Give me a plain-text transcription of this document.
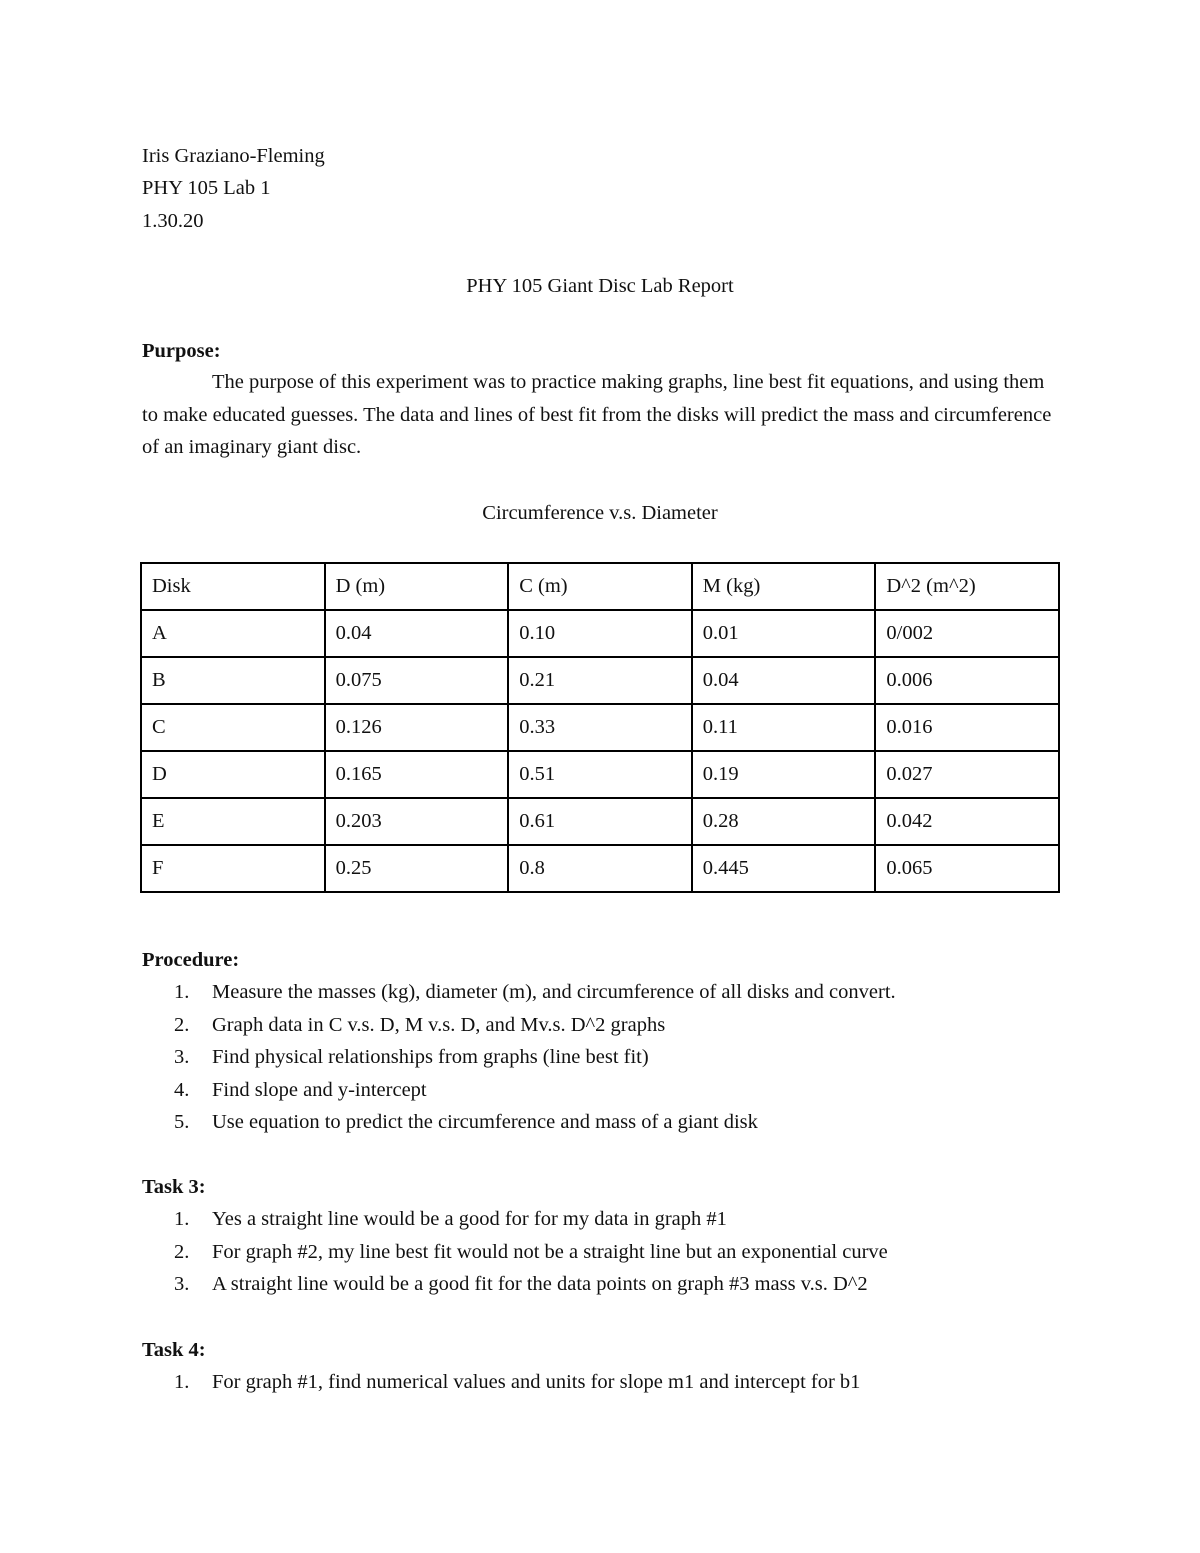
Iris Graziano-Fleming
PHY 105 Lab 1
1.30.20
PHY 105 Giant Disc Lab Report
Purpose:
The purpose of this experiment was to practice making graphs, line best fit equations, and using them to make educated guesses. The data and lines of best fit from the disks will predict the mass and circumference of an imaginary giant disc.
Circumference v.s. Diameter
Disk	D (m)	C (m)	M (kg)	D^2 (m^2)
A	0.04	0.10	0.01	0/002
B	0.075	0.21	0.04	0.006
C	0.126	0.33	0.11	0.016
D	0.165	0.51	0.19	0.027
E	0.203	0.61	0.28	0.042
F	0.25	0.8	0.445	0.065
Procedure:
1. Measure the masses (kg), diameter (m), and circumference of all disks and convert.
2. Graph data in C v.s. D, M v.s. D, and Mv.s. D^2 graphs
3. Find physical relationships from graphs (line best fit)
4. Find slope and y-intercept
5. Use equation to predict the circumference and mass of a giant disk
Task 3:
1. Yes a straight line would be a good for for my data in graph #1
2. For graph #2, my line best fit would not be a straight line but an exponential curve
3. A straight line would be a good fit for the data points on graph #3 mass v.s. D^2
Task 4:
1. For graph #1, find numerical values and units for slope m1 and intercept for b1
